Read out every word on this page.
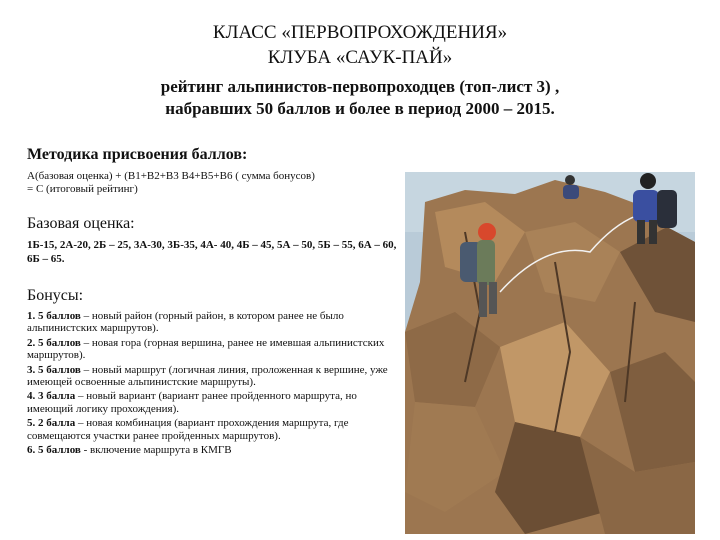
КЛАСС «ПЕРВОПРОХОЖДЕНИЯ»
КЛУБА «САУК-ПАЙ»
рейтинг альпинистов-первопроходцев (топ-лист 3) ,
набравших 50 баллов и более в период 2000 – 2015.
Методика присвоения баллов:
А(базовая оценка) + (B1+B2+B3 B4+B5+B6 ( сумма бонусов)
= С (итоговый рейтинг)
Базовая оценка:
1Б-15, 2А-20, 2Б – 25, 3А-30, 3Б-35, 4А- 40, 4Б – 45, 5А – 50, 5Б – 55, 6А – 60, 6Б – 65.
Бонусы:
1. 5 баллов – новый район (горный район, в котором ранее не было альпинистских маршрутов).
2. 5 баллов – новая гора (горная вершина, ранее не имевшая альпинистских маршрутов).
3. 5 баллов – новый маршрут (логичная линия, проложенная к вершине, уже имеющей освоенные альпинистские маршруты).
4. 3 балла – новый вариант (вариант ранее пройденного маршрута, но имеющий логику прохождения).
5. 2 балла – новая комбинация (вариант прохождения маршрута, где совмещаются участки ранее пройденных маршрутов).
6. 5 баллов - включение маршрута в КМГВ
